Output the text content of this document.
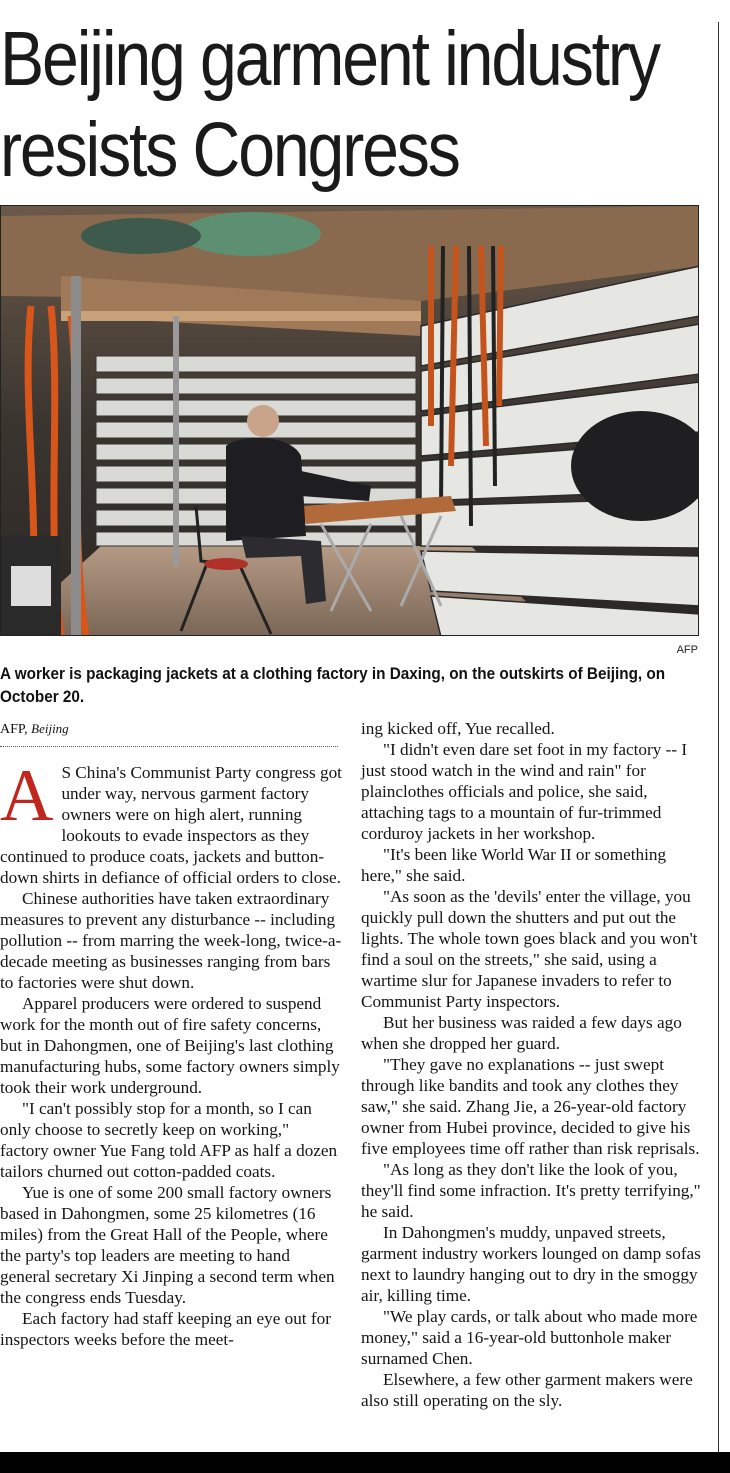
Beijing garment industry
resists Congress
AFP

A worker is packaging jackets at a clothing factory in Daxing, on the outskirts of Beijing, on October 20.

AFP, Beijing

A S China's Communist Party congress got under way, nervous garment factory owners were on high alert, running lookouts to evade inspectors as they continued to produce coats, jackets and button-down shirts in defiance of official orders to close.

Chinese authorities have taken extraordinary measures to prevent any disturbance -- including pollution -- from marring the week-long, twice-a-decade meeting as businesses ranging from bars to factories were shut down.

Apparel producers were ordered to suspend work for the month out of fire safety concerns, but in Dahongmen, one of Beijing's last clothing manufacturing hubs, some factory owners simply took their work underground.

"I can't possibly stop for a month, so I can only choose to secretly keep on working," factory owner Yue Fang told AFP as half a dozen tailors churned out cotton-padded coats.

Yue is one of some 200 small factory owners based in Dahongmen, some 25 kilometres (16 miles) from the Great Hall of the People, where the party's top leaders are meeting to hand general secretary Xi Jinping a second term when the congress ends Tuesday.

Each factory had staff keeping an eye out for inspectors weeks before the meet-

ing kicked off, Yue recalled.

"I didn't even dare set foot in my factory -- I just stood watch in the wind and rain" for plainclothes officials and police, she said, attaching tags to a mountain of fur-trimmed corduroy jackets in her workshop.

"It's been like World War II or something here," she said.

"As soon as the 'devils' enter the village, you quickly pull down the shutters and put out the lights. The whole town goes black and you won't find a soul on the streets," she said, using a wartime slur for Japanese invaders to refer to Communist Party inspectors.

But her business was raided a few days ago when she dropped her guard.

"They gave no explanations -- just swept through like bandits and took any clothes they saw," she said. Zhang Jie, a 26-year-old factory owner from Hubei province, decided to give his five employees time off rather than risk reprisals.

"As long as they don't like the look of you, they'll find some infraction. It's pretty terrifying," he said.

In Dahongmen's muddy, unpaved streets, garment industry workers lounged on damp sofas next to laundry hanging out to dry in the smoggy air, killing time.

"We play cards, or talk about who made more money," said a 16-year-old buttonhole maker surnamed Chen.

Elsewhere, a few other garment makers were also still operating on the sly.
